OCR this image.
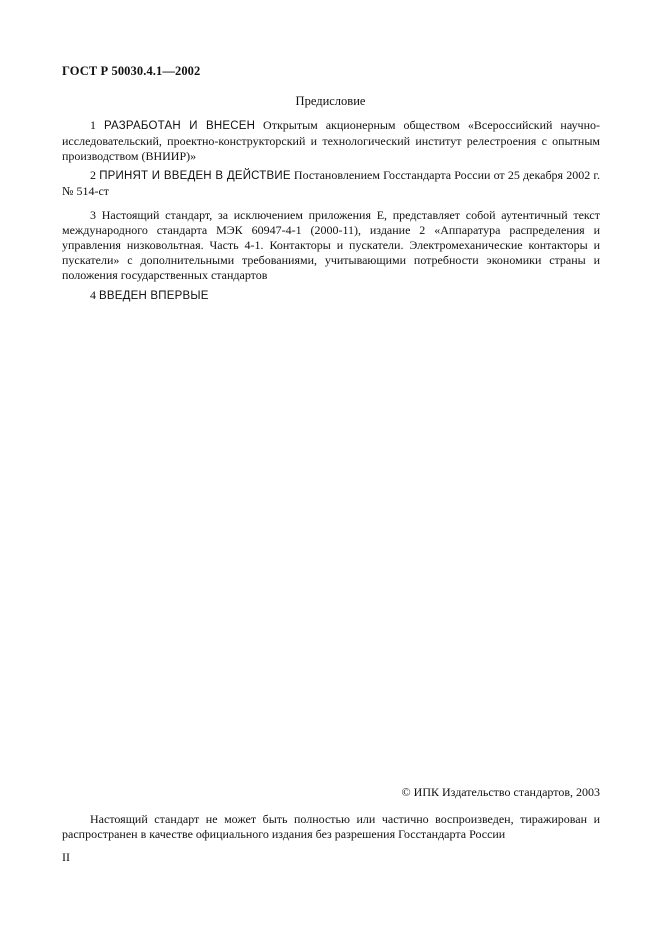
ГОСТ Р 50030.4.1—2002
Предисловие

1 РАЗРАБОТАН И ВНЕСЕН Открытым акционерным обществом «Всероссийский научно-исследовательский, проектно-конструкторский и технологический институт релестроения с опытным производством (ВНИИР)»

2 ПРИНЯТ И ВВЕДЕН В ДЕЙСТВИЕ Постановлением Госстандарта России от 25 декабря 2002 г. № 514-ст

3 Настоящий стандарт, за исключением приложения Е, представляет собой аутентичный текст международного стандарта МЭК 60947-4-1 (2000-11), издание 2 «Аппаратура распределения и управления низковольтная. Часть 4-1. Контакторы и пускатели. Электромеханические контакторы и пускатели» с дополнительными требованиями, учитывающими потребности экономики страны и положения государственных стандартов

4 ВВЕДЕН ВПЕРВЫЕ

© ИПК Издательство стандартов, 2003

Настоящий стандарт не может быть полностью или частично воспроизведен, тиражирован и распространен в качестве официального издания без разрешения Госстандарта России

II
